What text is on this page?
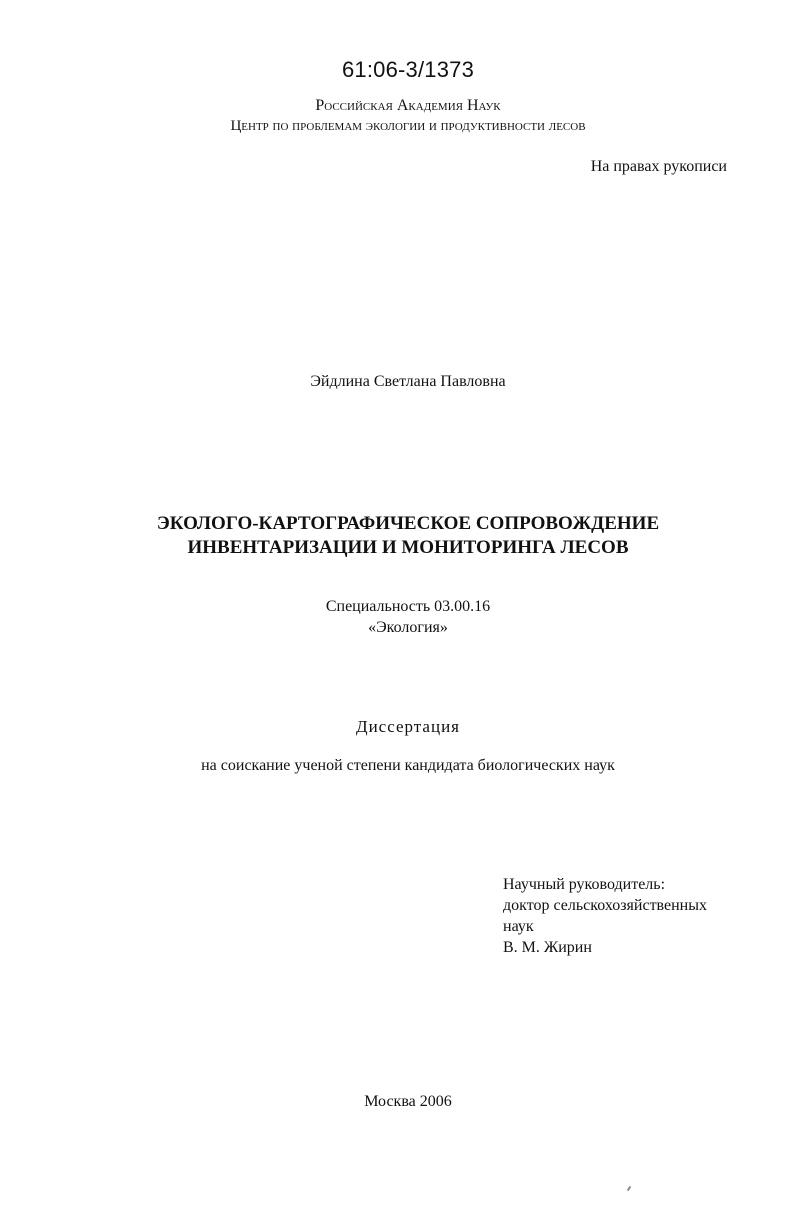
61:06-3/1373
Российская Академия Наук
Центр по проблемам экологии и продуктивности лесов
На правах рукописи
Эйдлина Светлана Павловна
ЭКОЛОГО-КАРТОГРАФИЧЕСКОЕ СОПРОВОЖДЕНИЕ
ИНВЕНТАРИЗАЦИИ И МОНИТОРИНГА ЛЕСОВ
Специальность 03.00.16
«Экология»
Диссертация
на соискание ученой степени кандидата биологических наук
Научный руководитель:
доктор сельскохозяйственных
наук
В. М. Жирин
Москва 2006
